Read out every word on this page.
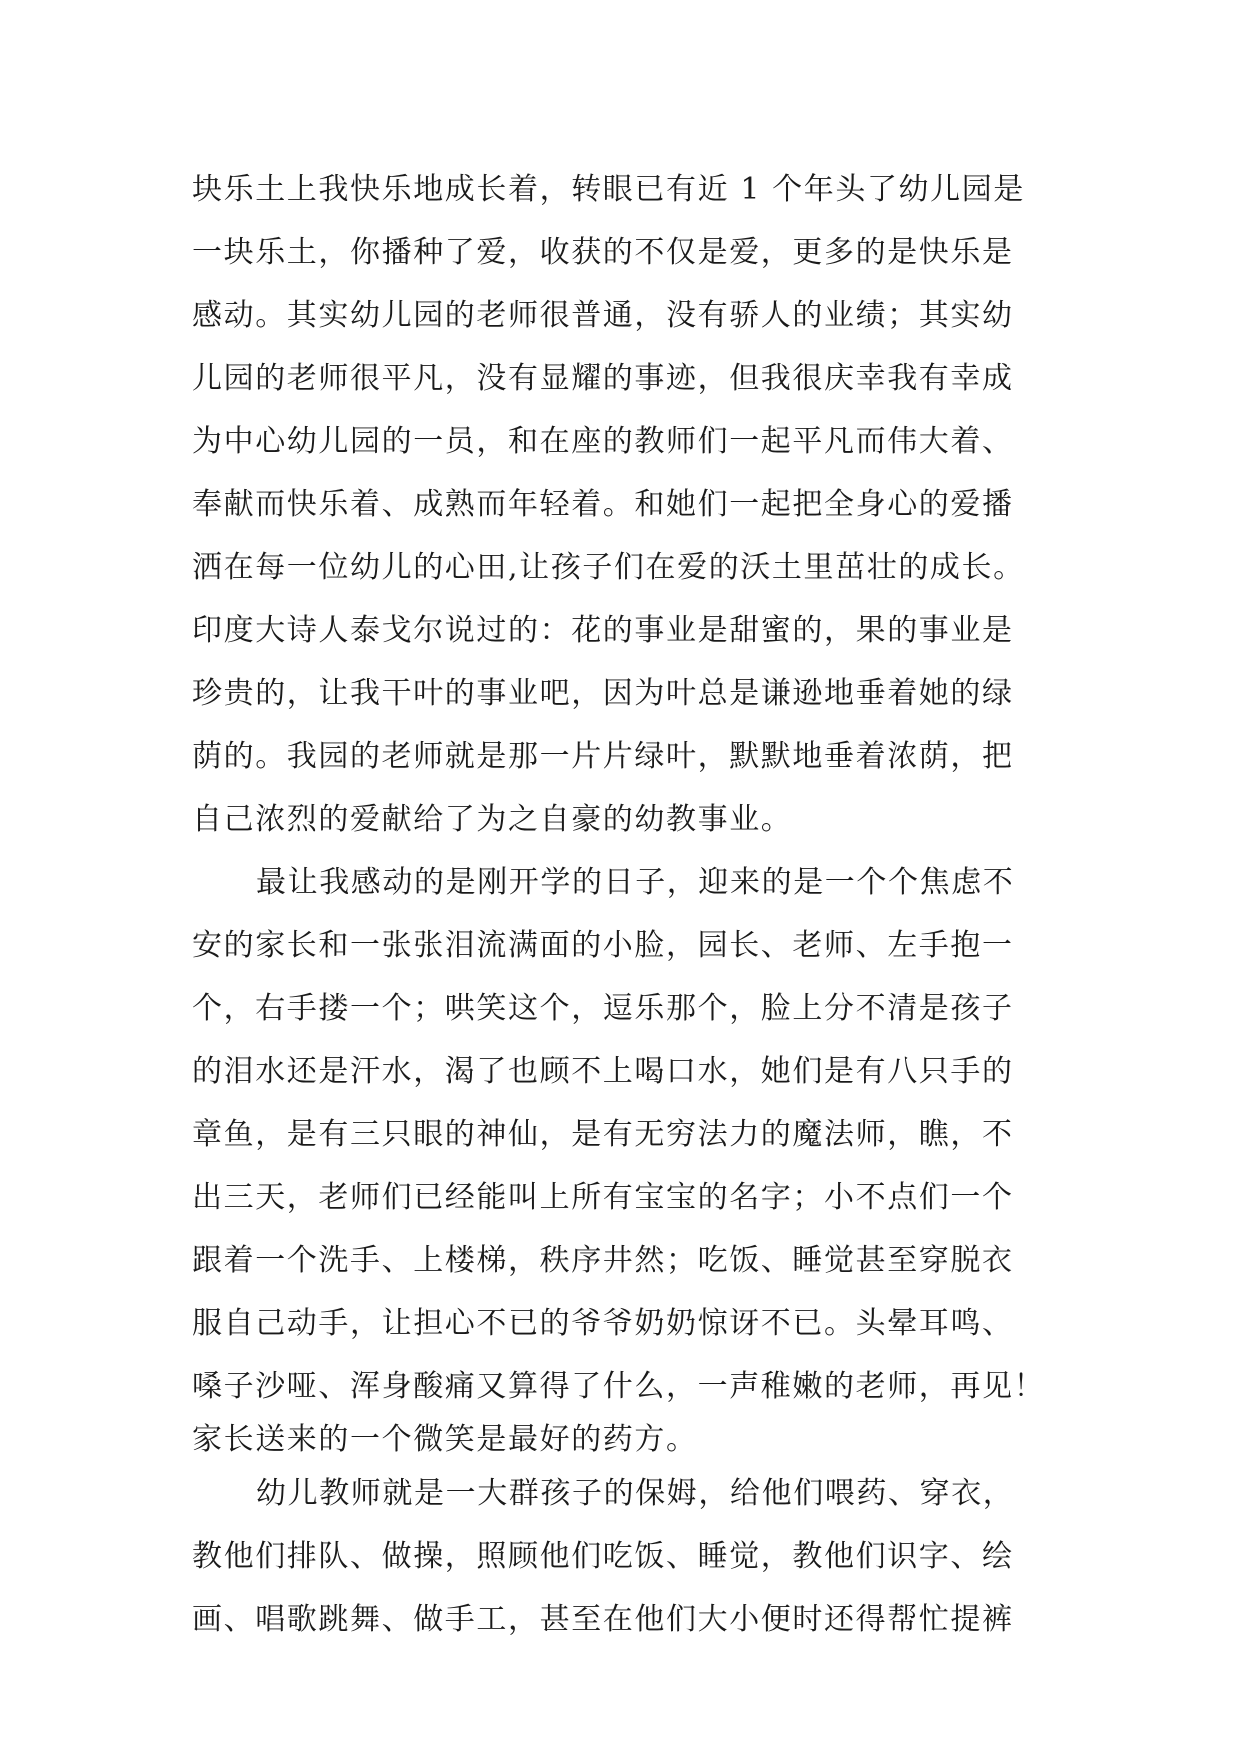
块乐土上我快乐地成长着，转眼已有近 1 个年头了幼儿园是
一块乐土，你播种了爱，收获的不仅是爱，更多的是快乐是
感动。其实幼儿园的老师很普通，没有骄人的业绩；其实幼
儿园的老师很平凡，没有显耀的事迹，但我很庆幸我有幸成
为中心幼儿园的一员，和在座的教师们一起平凡而伟大着、
奉献而快乐着、成熟而年轻着。和她们一起把全身心的爱播
洒在每一位幼儿的心田,让孩子们在爱的沃土里茁壮的成长。
印度大诗人泰戈尔说过的：花的事业是甜蜜的，果的事业是
珍贵的，让我干叶的事业吧，因为叶总是谦逊地垂着她的绿
荫的。我园的老师就是那一片片绿叶，默默地垂着浓荫，把
自己浓烈的爱献给了为之自豪的幼教事业。
最让我感动的是刚开学的日子，迎来的是一个个焦虑不
安的家长和一张张泪流满面的小脸，园长、老师、左手抱一
个，右手搂一个；哄笑这个，逗乐那个，脸上分不清是孩子
的泪水还是汗水，渴了也顾不上喝口水，她们是有八只手的
章鱼，是有三只眼的神仙，是有无穷法力的魔法师，瞧，不
出三天，老师们已经能叫上所有宝宝的名字；小不点们一个
跟着一个洗手、上楼梯，秩序井然；吃饭、睡觉甚至穿脱衣
服自己动手，让担心不已的爷爷奶奶惊讶不已。头晕耳鸣、
嗓子沙哑、浑身酸痛又算得了什么，一声稚嫩的老师，再见！
家长送来的一个微笑是最好的药方。
幼儿教师就是一大群孩子的保姆，给他们喂药、穿衣，
教他们排队、做操，照顾他们吃饭、睡觉，教他们识字、绘
画、唱歌跳舞、做手工，甚至在他们大小便时还得帮忙提裤
